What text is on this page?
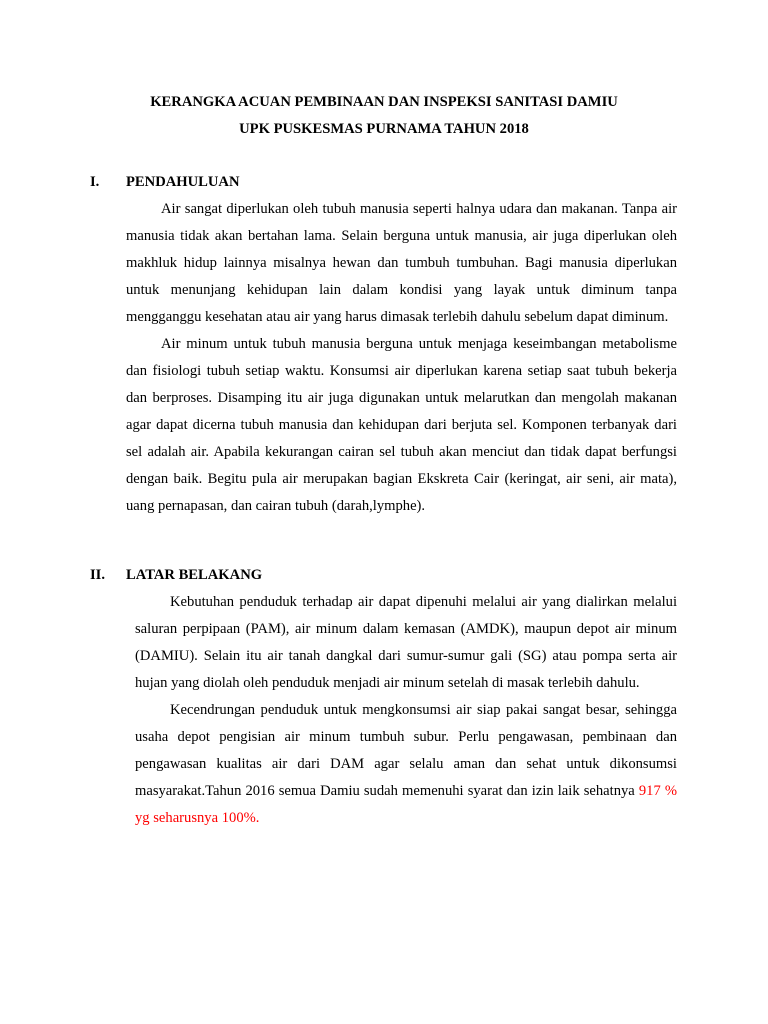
KERANGKA ACUAN PEMBINAAN DAN INSPEKSI SANITASI DAMIU
UPK PUSKESMAS PURNAMA TAHUN 2018
I. PENDAHULUAN

Air sangat diperlukan oleh tubuh manusia seperti halnya udara dan makanan. Tanpa air manusia tidak akan bertahan lama. Selain berguna untuk manusia, air juga diperlukan oleh makhluk hidup lainnya misalnya hewan dan tumbuh tumbuhan. Bagi manusia diperlukan untuk menunjang kehidupan lain dalam kondisi yang layak untuk diminum tanpa mengganggu kesehatan atau air yang harus dimasak terlebih dahulu sebelum dapat diminum.

Air minum untuk tubuh manusia berguna untuk menjaga keseimbangan metabolisme dan fisiologi tubuh setiap waktu. Konsumsi air diperlukan karena setiap saat tubuh bekerja dan berproses. Disamping itu air juga digunakan untuk melarutkan dan mengolah makanan agar dapat dicerna tubuh manusia dan kehidupan dari berjuta sel. Komponen terbanyak dari sel adalah air. Apabila kekurangan cairan sel tubuh akan menciut dan tidak dapat berfungsi dengan baik. Begitu pula air merupakan bagian Ekskreta Cair (keringat, air seni, air mata), uang pernapasan, dan cairan tubuh (darah,lymphe).

II. LATAR BELAKANG

Kebutuhan penduduk terhadap air dapat dipenuhi melalui air yang dialirkan melalui saluran perpipaan (PAM), air minum dalam kemasan (AMDK), maupun depot air minum (DAMIU). Selain itu air tanah dangkal dari sumur-sumur gali (SG) atau pompa serta air hujan yang diolah oleh penduduk menjadi air minum setelah di masak terlebih dahulu.

Kecendrungan penduduk untuk mengkonsumsi air siap pakai sangat besar, sehingga usaha depot pengisian air minum tumbuh subur. Perlu pengawasan, pembinaan dan pengawasan kualitas air dari DAM agar selalu aman dan sehat untuk dikonsumsi masyarakat.Tahun 2016 semua Damiu sudah memenuhi syarat dan izin laik sehatnya 917 % yg seharusnya 100%.
